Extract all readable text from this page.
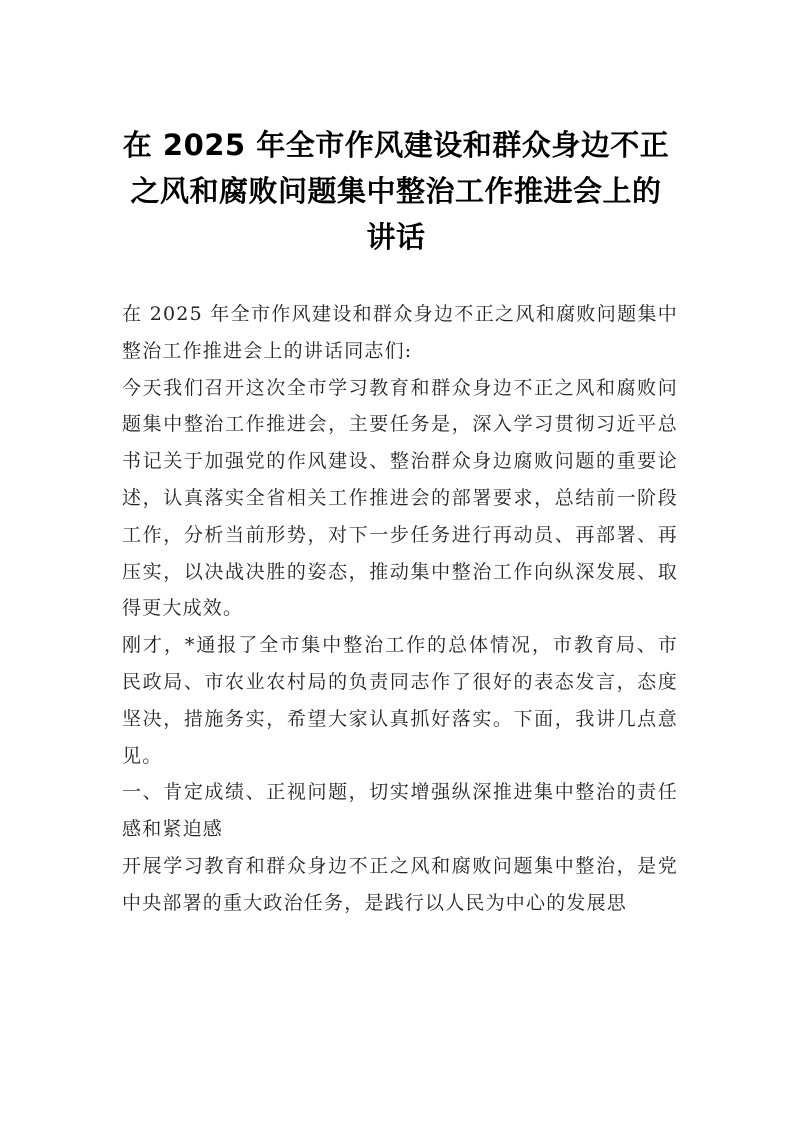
在 2025 年全市作风建设和群众身边不正之风和腐败问题集中整治工作推进会上的讲话

在 2025 年全市作风建设和群众身边不正之风和腐败问题集中整治工作推进会上的讲话同志们:

今天我们召开这次全市学习教育和群众身边不正之风和腐败问题集中整治工作推进会，主要任务是，深入学习贯彻习近平总书记关于加强党的作风建设、整治群众身边腐败问题的重要论述，认真落实全省相关工作推进会的部署要求，总结前一阶段工作，分析当前形势，对下一步任务进行再动员、再部署、再压实，以决战决胜的姿态，推动集中整治工作向纵深发展、取得更大成效。

刚才，*通报了全市集中整治工作的总体情况，市教育局、市民政局、市农业农村局的负责同志作了很好的表态发言，态度坚决，措施务实，希望大家认真抓好落实。下面，我讲几点意见。

一、肯定成绩、正视问题，切实增强纵深推进集中整治的责任感和紧迫感

开展学习教育和群众身边不正之风和腐败问题集中整治，是党中央部署的重大政治任务，是践行以人民为中心的发展思
